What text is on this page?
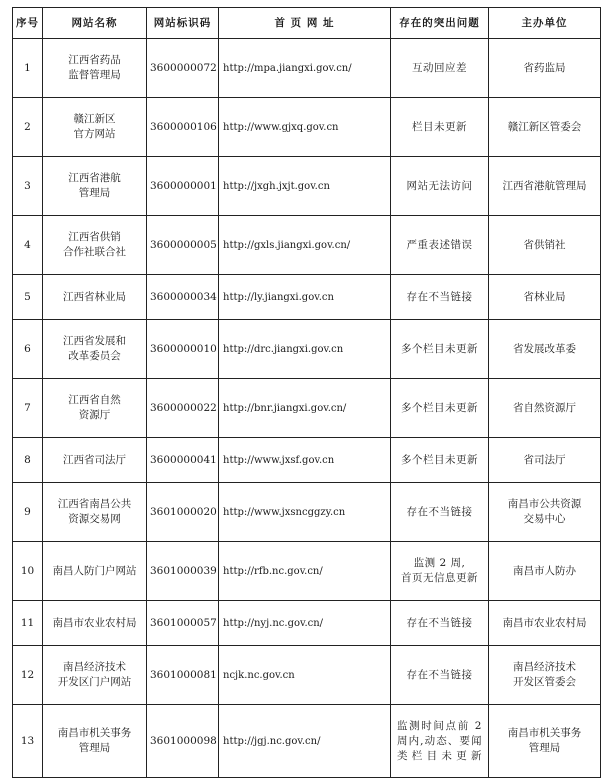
序号	网站名称	网站标识码	首 页 网 址	存在的突出问题	主办单位
1	江西省药品
监督管理局	3600000072	http://mpa.jiangxi.gov.cn/	互动回应差	省药监局
2	赣江新区
官方网站	3600000106	http://www.gjxq.gov.cn	栏目未更新	赣江新区管委会
3	江西省港航
管理局	3600000001	http://jxgh.jxjt.gov.cn	网站无法访问	江西省港航管理局
4	江西省供销
合作社联合社	3600000005	http://gxls.jiangxi.gov.cn/	严重表述错误	省供销社
5	江西省林业局	3600000034	http://ly.jiangxi.gov.cn	存在不当链接	省林业局
6	江西省发展和
改革委员会	3600000010	http://drc.jiangxi.gov.cn	多个栏目未更新	省发展改革委
7	江西省自然
资源厅	3600000022	http://bnr.jiangxi.gov.cn/	多个栏目未更新	省自然资源厅
8	江西省司法厅	3600000041	http://www.jxsf.gov.cn	多个栏目未更新	省司法厅
9	江西省南昌公共
资源交易网	3601000020	http://www.jxsncggzy.cn	存在不当链接	南昌市公共资源
交易中心
10	南昌人防门户网站	3601000039	http://rfb.nc.gov.cn/	监测 2 周,
首页无信息更新	南昌市人防办
11	南昌市农业农村局	3601000057	http://nyj.nc.gov.cn/	存在不当链接	南昌市农业农村局
12	南昌经济技术
开发区门户网站	3601000081	ncjk.nc.gov.cn	存在不当链接	南昌经济技术
开发区管委会
13	南昌市机关事务
管理局	3601000098	http://jgj.nc.gov.cn/	监测时间点前 2
周内,动态、要闻
类栏目未更新	南昌市机关事务
管理局
